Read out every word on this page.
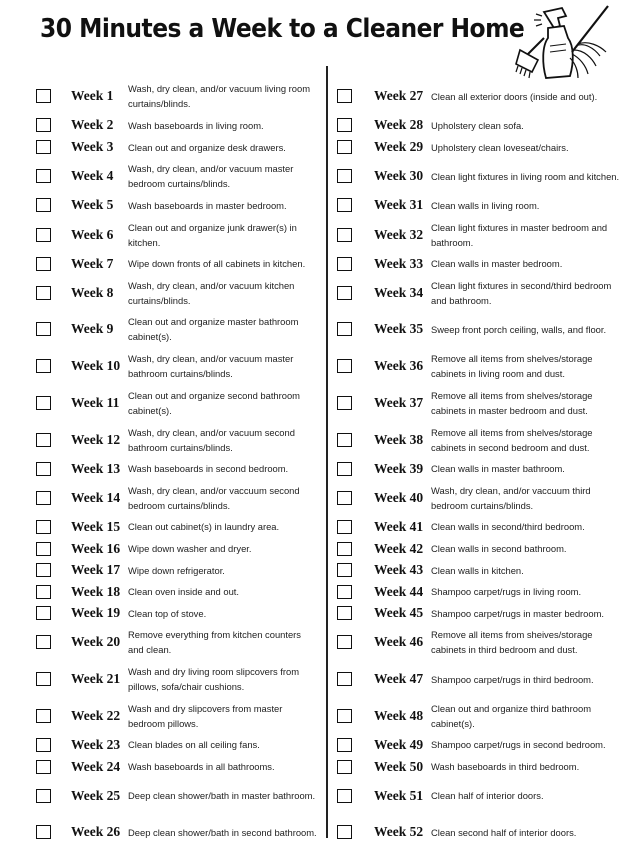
30 Minutes a Week to a Cleaner Home
Week 1	Wash, dry clean, and/or vacuum living room curtains/blinds.
Week 2	Wash baseboards in living room.
Week 3	Clean out and organize desk drawers.
Week 4	Wash, dry clean, and/or vacuum master bedroom curtains/blinds.
Week 5	Wash baseboards in master bedroom.
Week 6	Clean out and organize junk drawer(s) in kitchen.
Week 7	Wipe down fronts of all cabinets in kitchen.
Week 8	Wash, dry clean, and/or vacuum kitchen curtains/blinds.
Week 9	Clean out and organize master bathroom cabinet(s).
Week 10 Wash, dry clean, and/or vacuum master bathroom curtains/blinds.
Week 11 Clean out and organize second bathroom cabinet(s).
Week 12 Wash, dry clean, and/or vacuum second bathroom curtains/blinds.
Week 13 Wash baseboards in second bedroom.
Week 14 Wash, dry clean, and/or vaccuum second bedroom curtains/blinds.
Week 15 Clean out cabinet(s) in laundry area.
Week 16 Wipe down washer and dryer.
Week 17 Wipe down refrigerator.
Week 18 Clean oven inside and out.
Week 19 Clean top of stove.
Week 20 Remove everything from kitchen counters and clean.
Week 21 Wash and dry living room slipcovers from pillows, sofa/chair cushions.
Week 22 Wash and dry slipcovers from master bedroom pillows.
Week 23 Clean blades on all ceiling fans.
Week 24 Wash baseboards in all bathrooms.
Week 25 Deep clean shower/bath in master bathroom.
Week 26 Deep clean shower/bath in second bathroom.
Week 27 Clean all exterior doors (inside and out).
Week 28 Upholstery clean sofa.
Week 29 Upholstery clean loveseat/chairs.
Week 30 Clean light fixtures in living room and kitchen.
Week 31 Clean walls in living room.
Week 32 Clean light fixtures in master bedroom and bathroom.
Week 33 Clean walls in master bedroom.
Week 34 Clean light fixtures in second/third bedroom and bathroom.
Week 35 Sweep front porch ceiling, walls, and floor.
Week 36 Remove all items from shelves/storage cabinets in living room and dust.
Week 37 Remove all items from shelves/storage cabinets in master bedroom and dust.
Week 38 Remove all items from shelves/storage cabinets in second bedroom and dust.
Week 39 Clean walls in master bathroom.
Week 40 Wash, dry clean, and/or vaccuum third bedroom curtains/blinds.
Week 41 Clean walls in second/third bedroom.
Week 42 Clean walls in second bathroom.
Week 43 Clean walls in kitchen.
Week 44 Shampoo carpet/rugs in living room.
Week 45 Shampoo carpet/rugs in master bedroom.
Week 46 Remove all items from sheives/storage cabinets in third bedroom and dust.
Week 47 Shampoo carpet/rugs in third bedroom.
Week 48 Clean out and organize third bathroom cabinet(s).
Week 49 Shampoo carpet/rugs in second bedroom.
Week 50 Wash baseboards in third bedroom.
Week 51 Clean half of interior doors.
Week 52 Clean second half of interior doors.
